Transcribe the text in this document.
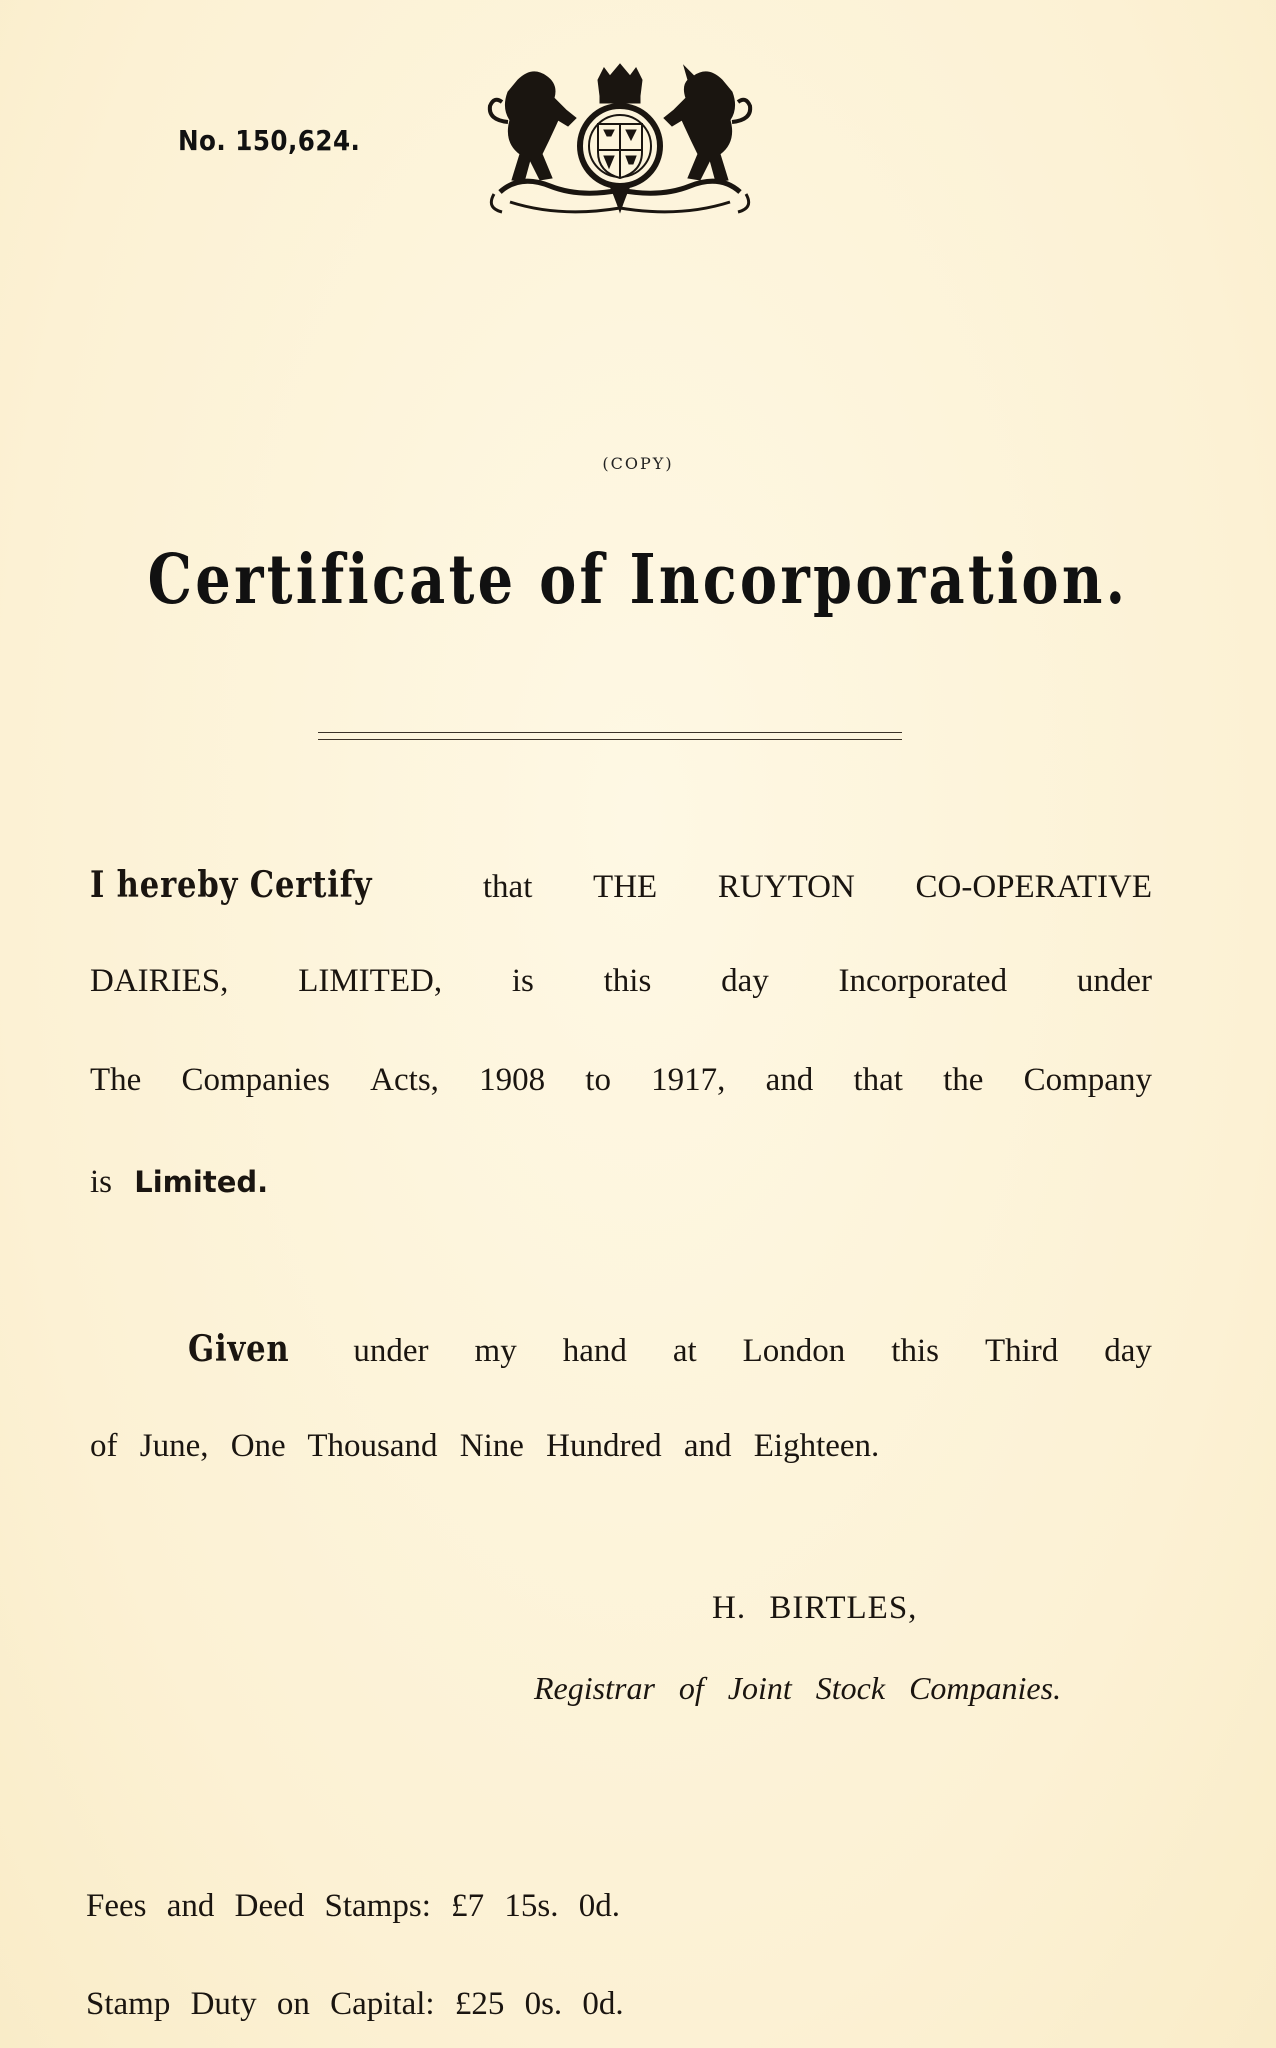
No. 150,624.
(COPY)
Certificate of Incorporation.
I hereby Certify	that THE RUYTON CO-OPERATIVE
DAIRIES, LIMITED, is this day Incorporated under
The Companies Acts, 1908 to 1917, and that the Company
is Limited.
Given under my hand at London this Third day
of June, One Thousand Nine Hundred and Eighteen.
H. BIRTLES,
Registrar of Joint Stock Companies.
Fees and Deed Stamps: £7 15s. 0d.
Stamp Duty on Capital: £25 0s. 0d.
